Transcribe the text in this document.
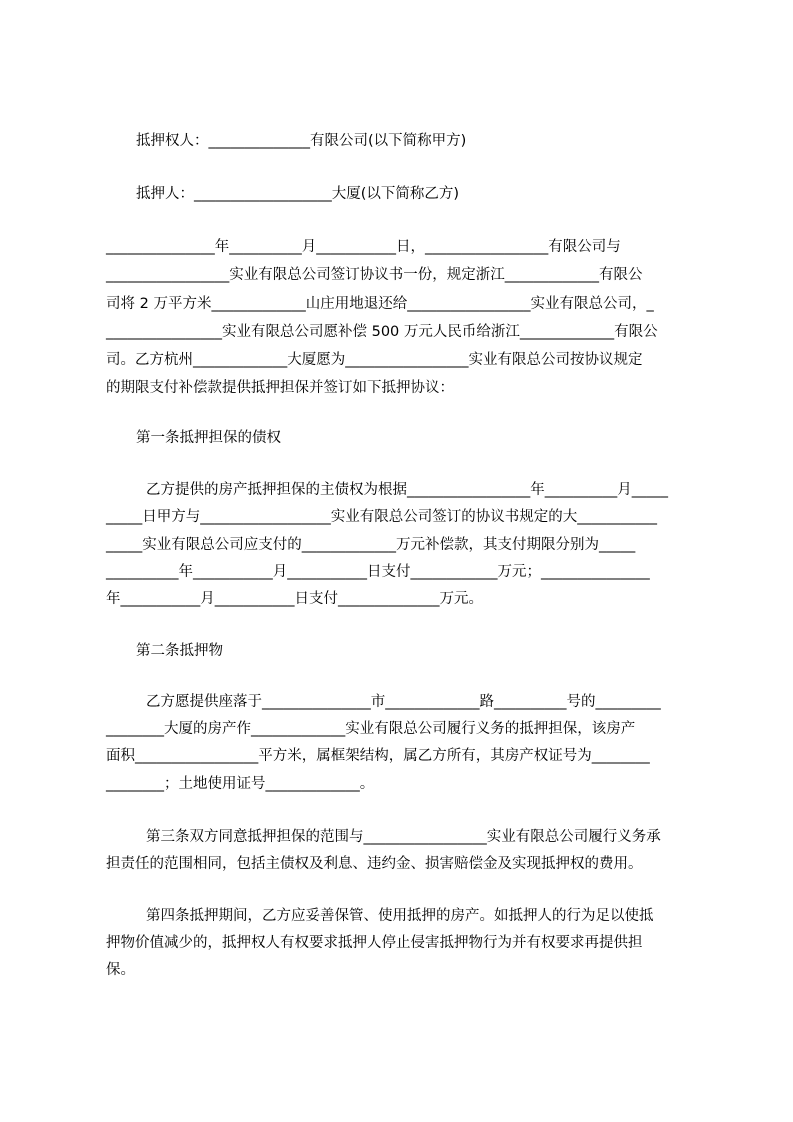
抵押权人：______________有限公司(以下简称甲方)
抵押人：___________________大厦(以下简称乙方)
_______________年__________月___________日，_________________有限公司与
_________________实业有限总公司签订协议书一份，规定浙江_____________有限公
司将 2 万平方米_____________山庄用地退还给_________________实业有限总公司，_
________________实业有限总公司愿补偿 500 万元人民币给浙江_____________有限公
司。乙方杭州_____________大厦愿为_________________实业有限总公司按协议规定
的期限支付补偿款提供抵押担保并签订如下抵押协议：
第一条抵押担保的债权
乙方提供的房产抵押担保的主债权为根据_________________年__________月_____
_____日甲方与__________________实业有限总公司签订的协议书规定的大___________
_____实业有限总公司应支付的_____________万元补偿款，其支付期限分别为_____
__________年___________月___________日支付____________万元；_______________
年___________月___________日支付______________万元。
第二条抵押物
乙方愿提供座落于_______________市_____________路__________号的_________
________大厦的房产作_____________实业有限总公司履行义务的抵押担保，该房产
面积_________________平方米，属框架结构，属乙方所有，其房产权证号为________
________；土地使用证号_____________。
第三条双方同意抵押担保的范围与_________________实业有限总公司履行义务承
担责任的范围相同，包括主债权及利息、违约金、损害赔偿金及实现抵押权的费用。
第四条抵押期间，乙方应妥善保管、使用抵押的房产。如抵押人的行为足以使抵
押物价值减少的，抵押权人有权要求抵押人停止侵害抵押物行为并有权要求再提供担
保。
